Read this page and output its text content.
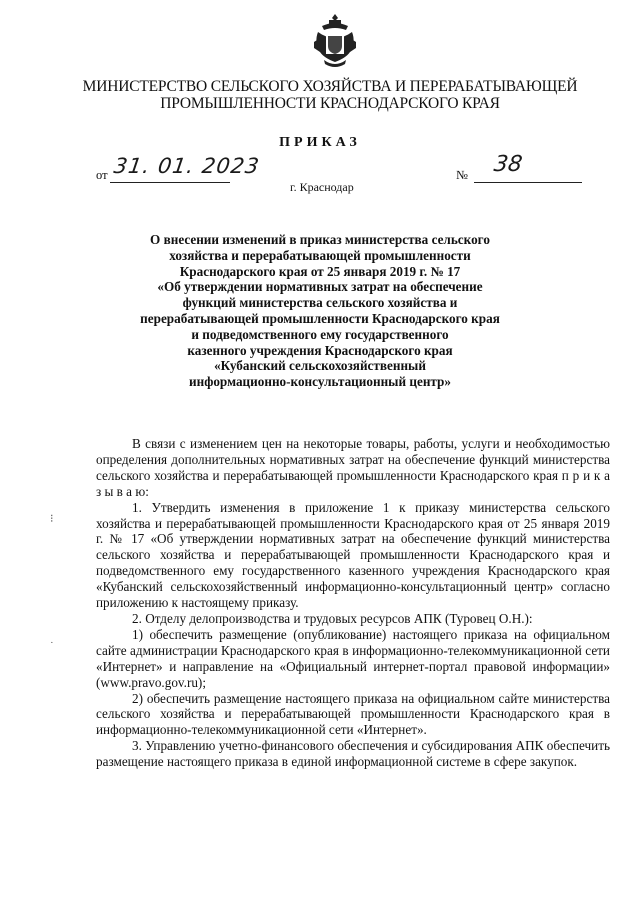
МИНИСТЕРСТВО СЕЛЬСКОГО ХОЗЯЙСТВА И ПЕРЕРАБАТЫВАЮЩЕЙ
ПРОМЫШЛЕННОСТИ КРАСНОДАРСКОГО КРАЯ
ПРИКАЗ
от 31. 01. 2023	№ 38
г. Краснодар
О внесении изменений в приказ министерства сельского
хозяйства и перерабатывающей промышленности
Краснодарского края от 25 января 2019 г. № 17
«Об утверждении нормативных затрат на обеспечение
функций министерства сельского хозяйства и
перерабатывающей промышленности Краснодарского края
и подведомственного ему государственного
казенного учреждения Краснодарского края
«Кубанский сельскохозяйственный
информационно-консультационный центр»

В связи с изменением цен на некоторые товары, работы, услуги и необходимостью определения дополнительных нормативных затрат на обеспечение функций министерства сельского хозяйства и перерабатывающей промышленности Краснодарского края п р и к а з ы в а ю:

1. Утвердить изменения в приложение 1 к приказу министерства сельского хозяйства и перерабатывающей промышленности Краснодарского края от 25 января 2019 г. № 17 «Об утверждении нормативных затрат на обеспечение функций министерства сельского хозяйства и перерабатывающей промышленности Краснодарского края и подведомственного ему государственного казенного учреждения Краснодарского края «Кубанский сельскохозяйственный информационно-консультационный центр» согласно приложению к настоящему приказу.

2. Отделу делопроизводства и трудовых ресурсов АПК (Туровец О.Н.):

1) обеспечить размещение (опубликование) настоящего приказа на официальном сайте администрации Краснодарского края в информационно-телекоммуникационной сети «Интернет» и направление на «Официальный интернет-портал правовой информации» (www.pravo.gov.ru);

2) обеспечить размещение настоящего приказа на официальном сайте министерства сельского хозяйства и перерабатывающей промышленности Краснодарского края в информационно-телекоммуникационной сети «Интернет».

3. Управлению учетно-финансового обеспечения и субсидирования АПК обеспечить размещение настоящего приказа в единой информационной системе в сфере закупок.

⁝
˙
